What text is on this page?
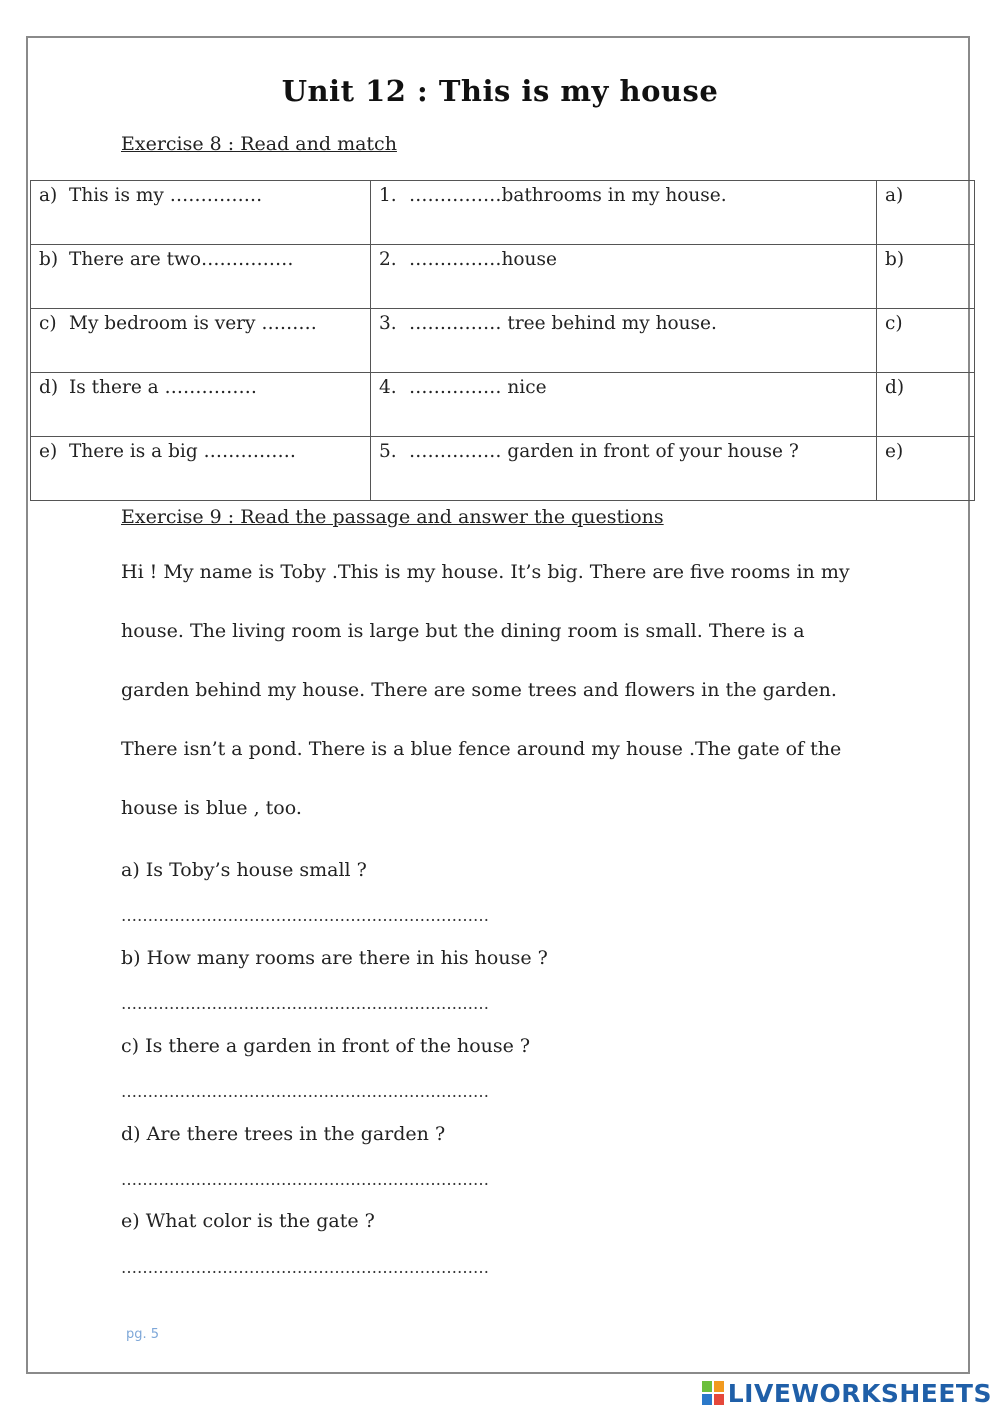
Unit 12 : This is my house
Exercise 8 : Read and match
a) This is my ……………	1. ……………bathrooms in my house.	a)
b) There are two……………	2. ……………house	b)
c) My bedroom is very ………	3. …………… tree behind my house.	c)
d) Is there a ……………	4. …………… nice	d)
e) There is a big ……………	5. …………… garden in front of your house ?	e)
Exercise 9 : Read the passage and answer the questions
Hi ! My name is Toby .This is my house. It’s big. There are five rooms in my
house. The living room is large but the dining room is small. There is a
garden behind my house. There are some trees and flowers in the garden.
There isn’t a pond. There is a blue fence around my house .The gate of the
house is blue , too.
a) Is Toby’s house small ?
……………………………………………………………
b) How many rooms are there in his house ?
……………………………………………………………
c) Is there a garden in front of the house ?
……………………………………………………………
d) Are there trees in the garden ?
……………………………………………………………
e) What color is the gate ?
……………………………………………………………
pg. 5
LIVEWORKSHEETS
